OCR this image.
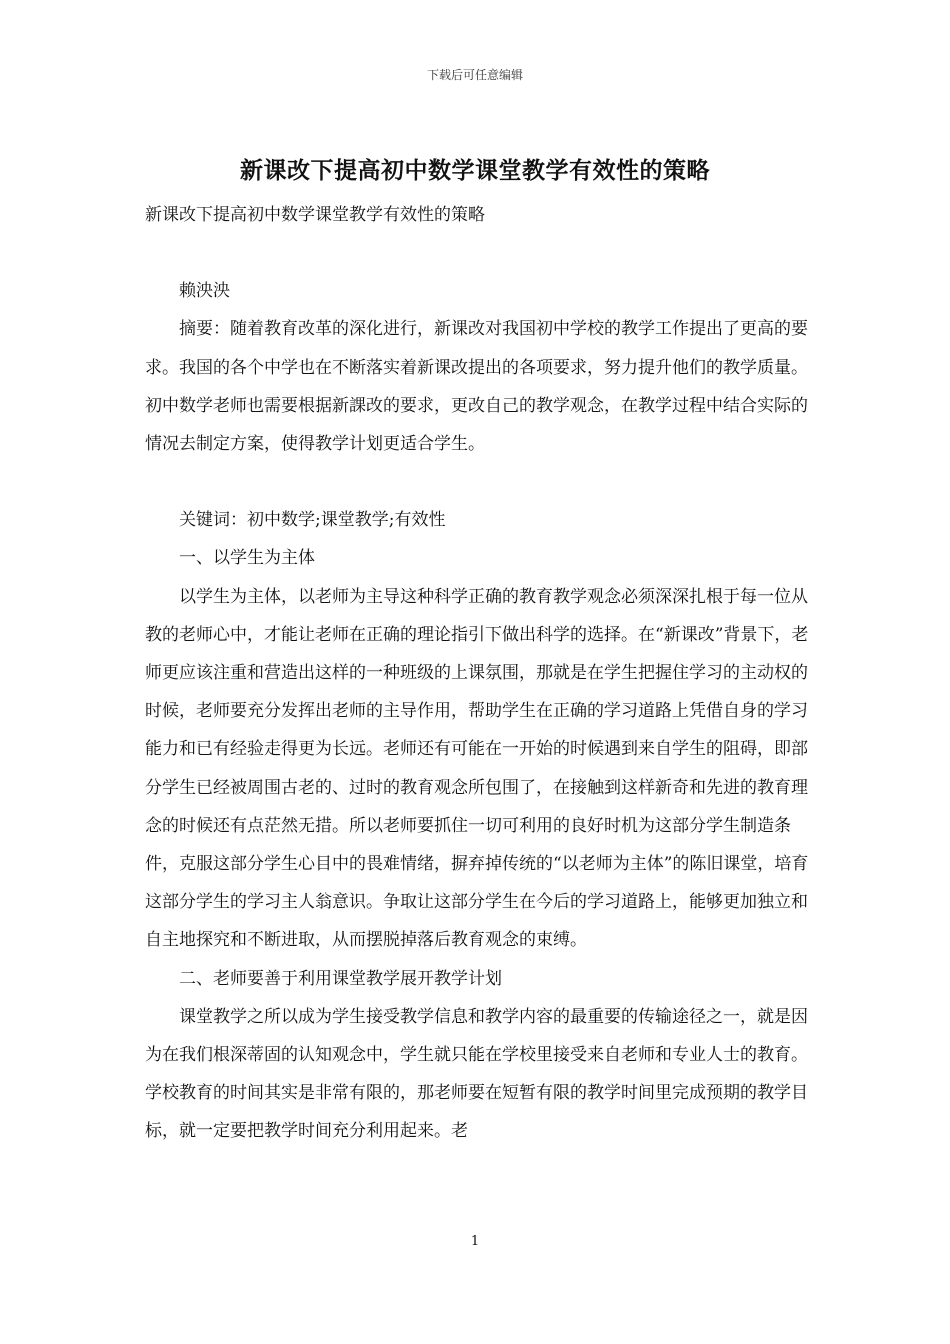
下载后可任意编辑
新课改下提高初中数学课堂教学有效性的策略

新课改下提高初中数学课堂教学有效性的策略

赖泱泱

摘要：随着教育改革的深化进行，新课改对我国初中学校的教学工作提出了更高的要求。我国的各个中学也在不断落实着新课改提出的各项要求，努力提升他们的教学质量。初中数学老师也需要根据新課改的要求，更改自己的教学观念，在教学过程中结合实际的情况去制定方案，使得教学计划更适合学生。

关键词：初中数学;课堂教学;有效性

一、以学生为主体

以学生为主体，以老师为主导这种科学正确的教育教学观念必须深深扎根于每一位从教的老师心中，才能让老师在正确的理论指引下做出科学的选择。在“新课改”背景下，老师更应该注重和营造出这样的一种班级的上课氛围，那就是在学生把握住学习的主动权的时候，老师要充分发挥出老师的主导作用，帮助学生在正确的学习道路上凭借自身的学习能力和已有经验走得更为长远。老师还有可能在一开始的时候遇到来自学生的阻碍，即部分学生已经被周围古老的、过时的教育观念所包围了，在接触到这样新奇和先进的教育理念的时候还有点茫然无措。所以老师要抓住一切可利用的良好时机为这部分学生制造条件，克服这部分学生心目中的畏难情绪，摒弃掉传统的“以老师为主体”的陈旧课堂，培育这部分学生的学习主人翁意识。争取让这部分学生在今后的学习道路上，能够更加独立和自主地探究和不断进取，从而摆脱掉落后教育观念的束缚。

二、老师要善于利用课堂教学展开教学计划

课堂教学之所以成为学生接受教学信息和教学内容的最重要的传输途径之一，就是因为在我们根深蒂固的认知观念中，学生就只能在学校里接受来自老师和专业人士的教育。学校教育的时间其实是非常有限的，那老师要在短暂有限的教学时间里完成预期的教学目标，就一定要把教学时间充分利用起来。老

1
